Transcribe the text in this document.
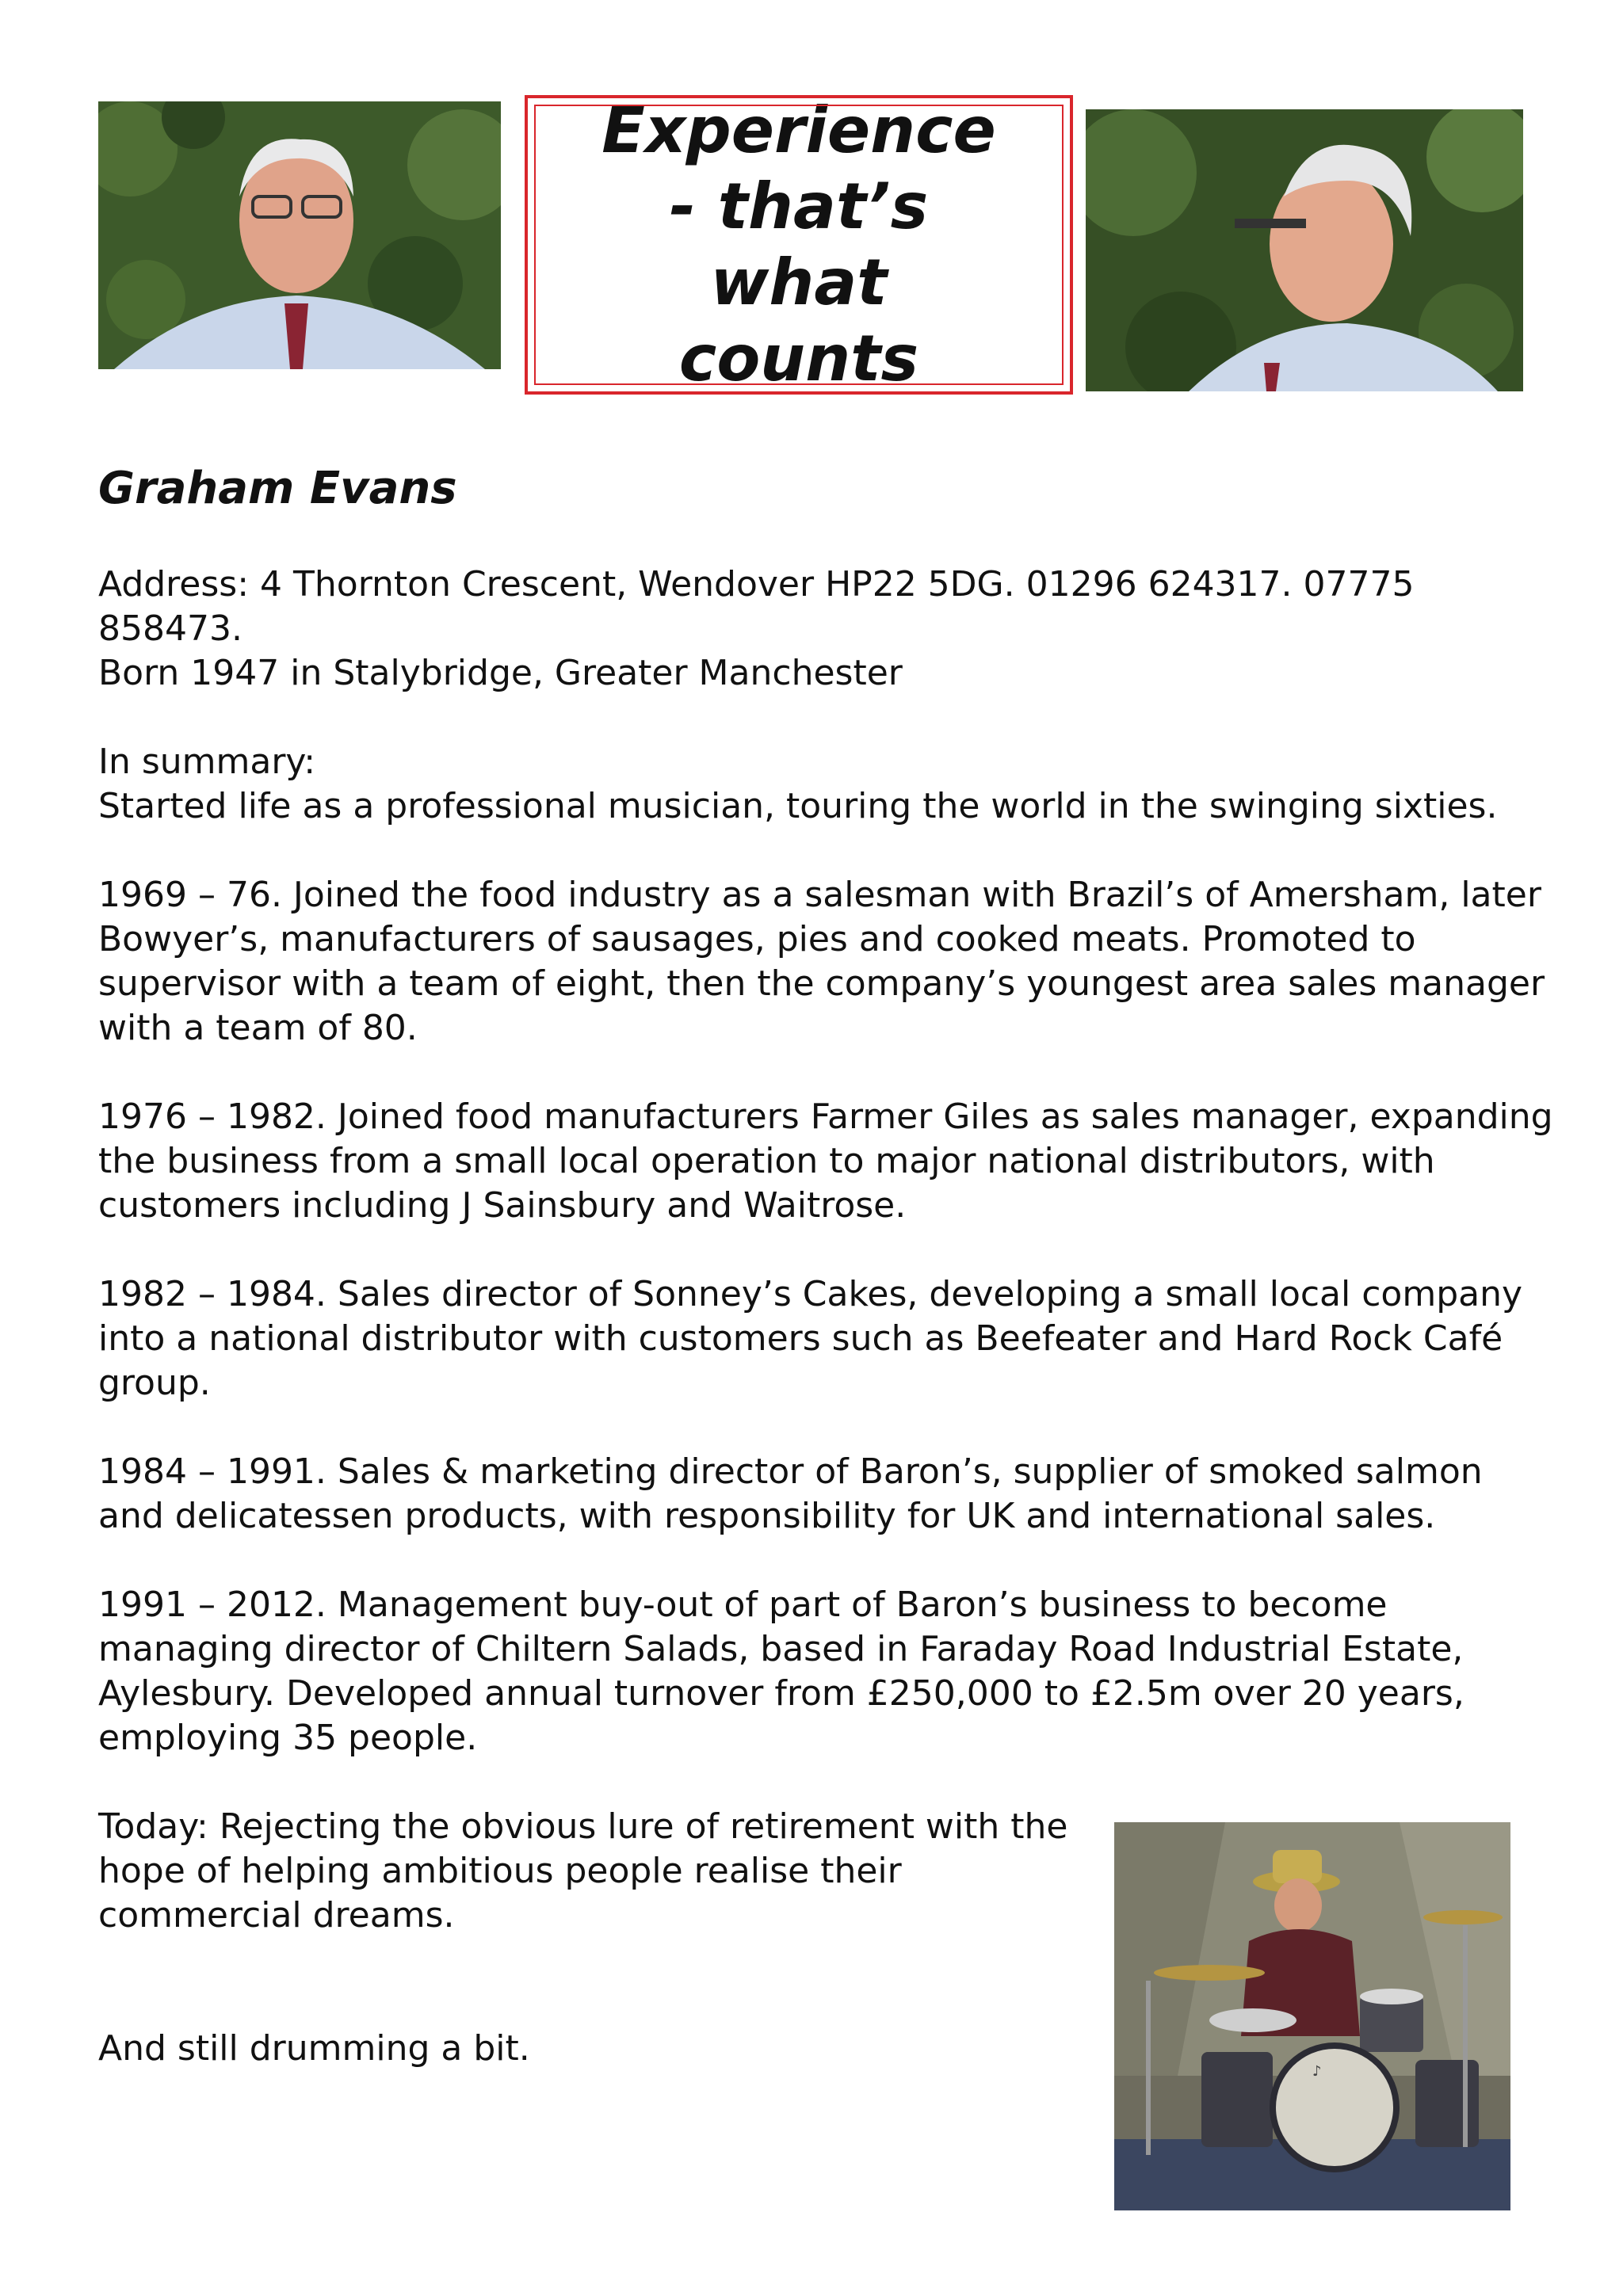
Experience - that’s what counts
Graham Evans

Address: 4 Thornton Crescent, Wendover HP22 5DG. 01296 624317. 07775 858473.

Born 1947 in Stalybridge, Greater Manchester

In summary:

Started life as a professional musician, touring the world in the swinging sixties.

1969 – 76. Joined the food industry as a salesman with Brazil’s of Amersham, later Bowyer’s, manufacturers of sausages, pies and cooked meats. Promoted to supervisor with a team of eight, then the company’s youngest area sales manager with a team of 80.

1976 – 1982. Joined food manufacturers Farmer Giles as sales manager, expanding the business from a small local operation to major national distributors, with customers including J Sainsbury and Waitrose.

1982 – 1984. Sales director of Sonney’s Cakes, developing a small local company into a national distributor with customers such as Beefeater and Hard Rock Café group.

1984 – 1991. Sales & marketing director of Baron’s, supplier of smoked salmon and delicatessen products, with responsibility for UK and international sales.

1991 – 2012. Management buy-out of part of Baron’s business to become managing director of Chiltern Salads, based in Faraday Road Industrial Estate, Aylesbury. Developed annual turnover from £250,000 to £2.5m over 20 years, employing 35 people.

Today: Rejecting the obvious lure of retirement with the hope of helping ambitious people realise their commercial dreams.

And still drumming a bit.

♪
